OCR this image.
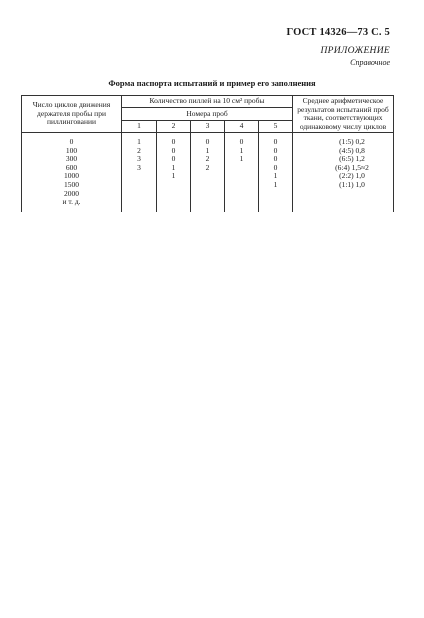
ГОСТ 14326—73 С. 5
ПРИЛОЖЕНИЕ
Справочное
Форма паспорта испытаний и пример его заполнения
Число циклов движения держателя пробы при пиллинговании	Количество пиллей на 10 см² пробы					Среднее арифметическое результатов испытаний проб ткани, соответствующих одинаковому числу циклов
	Номера проб					
	1	2	3	4	5	
0	1	0	0	0	0	(1:5) 0,2
100	2	0	1	1	0	(4:5) 0,8
300	3	0	2	1	0	(6:5) 1,2
600	3	1	2		0	(6:4) 1,5≈2
1000		1			1	(2:2) 1,0
1500					1	(1:1) 1,0
2000						
и т. д.						
